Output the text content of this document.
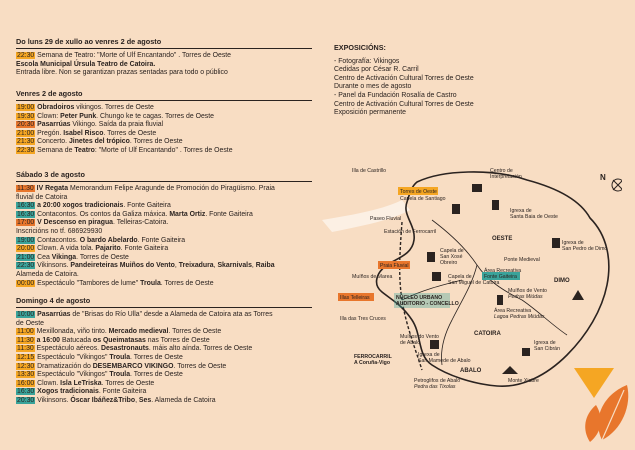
Do luns 29 de xullo ao venres 2 de agosto
22:30 Semana de Teatro: "Morte of Ulf Encantando" . Torres de Oeste
Escola Municipal Úrsula Teatro de Catoira.
Entrada libre. Non se garantizan prazas sentadas para todo o público
Venres 2 de agosto
19:00 Obradoiros vikingos. Torres de Oeste
19:30 Clown: Peter Punk. Chungo ke te cagas. Torres de Oeste
20:30 Pasarrúas Vikingo. Saída da praia fluvial
21:00 Pregón. Isabel Risco. Torres de Oeste
21:30 Concerto. Jinetes del trópico. Torres de Oeste
22:30 Semana de Teatro: "Morte of Ulf Encantando" . Torres de Oeste
Sábado 3 de agosto
11:30 IV Regata Memorandum Felipe Aragunde de Promoción do Piragüismo. Praia
fluvial de Catoira
16:30 a 20:00 xogos tradicionais. Fonte Gaiteira
16:30 Contacontos. Os contos da Galiza máxica. Marta Ortiz. Fonte Gaiteira
17:00 V Descenso en piragua. Telleiras-Catoira.
Inscricións no tf. 686929930
19:00 Contacontos. O bardo Abelardo. Fonte Gaiteira
20:00 Clown. A vida tola. Pajarito. Fonte Gaiteira
21:00 Cea Vikinga. Torres de Oeste
22:30 Vikinsons. Pandeireteiras Muiños do Vento, Treixadura, Skarnivals, Raiba
Alameda de Catoira.
00:00 Espectáculo "Tambores de lume" Troula. Torres de Oeste
Domingo 4 de agosto
10:00 Pasarrúas de "Brisas do Río Ulla" desde a Alameda de Catoira ata as Torres
de Oeste
11:00 Mexillonada, viño tinto. Mercado medieval. Torres de Oeste
11:30 a 16:00 Batucada os Queimatasas nas Torres de Oeste
11:30 Espectáculo aéreos. Desastronauts. máis alto aínda. Torres de Oeste
12:15 Espectáculo "Vikingos" Troula. Torres de Oeste
12:30 Dramatización do DESEMBARCO VIKINGO. Torres de Oeste
13:30 Espectáculo "Vikingos" Troula. Torres de Oeste
16:00 Clown. Isla LeTriska. Torres de Oeste
16:30 Xogos tradicionais. Fonte Gaiteira
20:30 Vikinsons. Óscar Ibáñez&Tribo, Ses. Alameda de Catoira
EXPOSICIÓNS:
- Fotografía: Vikingos
Cedidas por César R. Carril
Centro de Activación Cultural Torres de Oeste
Durante o mes de agosto
- Panel da Fundación Rosalía de Castro
Centro de Activación Cultural Torres de Oeste
Exposición permanente
N
Illa de Castrillo
Torres de Oeste
Capela de Santiago
Centro de
Interpretación
Paseo Fluvial
Igrexa de
Santa Baia de Oeste
Estación de Ferrocarril
OESTE
Igrexa de
San Pedro de Dimo
Praia Fluvial
Capela de
San Xosé
Obreiro	Ponte Medieval
Área Recreativa
Fonte Gaiteira
DIMO
Muíños de Marea	Capela de
San Miguel de Catoira
Illas Telleiras	NÚCLEO URBANO
AUDITORIO - CONCELLO
Muíños de Vento
Pedras Miúdas
Illa das Tres Cruces
Área Recreativa
Lagoa Pedras Miúdas
CATOIRA
Muíños do Vento
de Abalo
Igrexa de
San Mamede de Abalo
Igrexa de
San Cibrán
FERROCARRIL
A Coruña-Vigo
ABALO
Petroglifos de Abalo
Pedra das Tixolas
Monte Xiabre
